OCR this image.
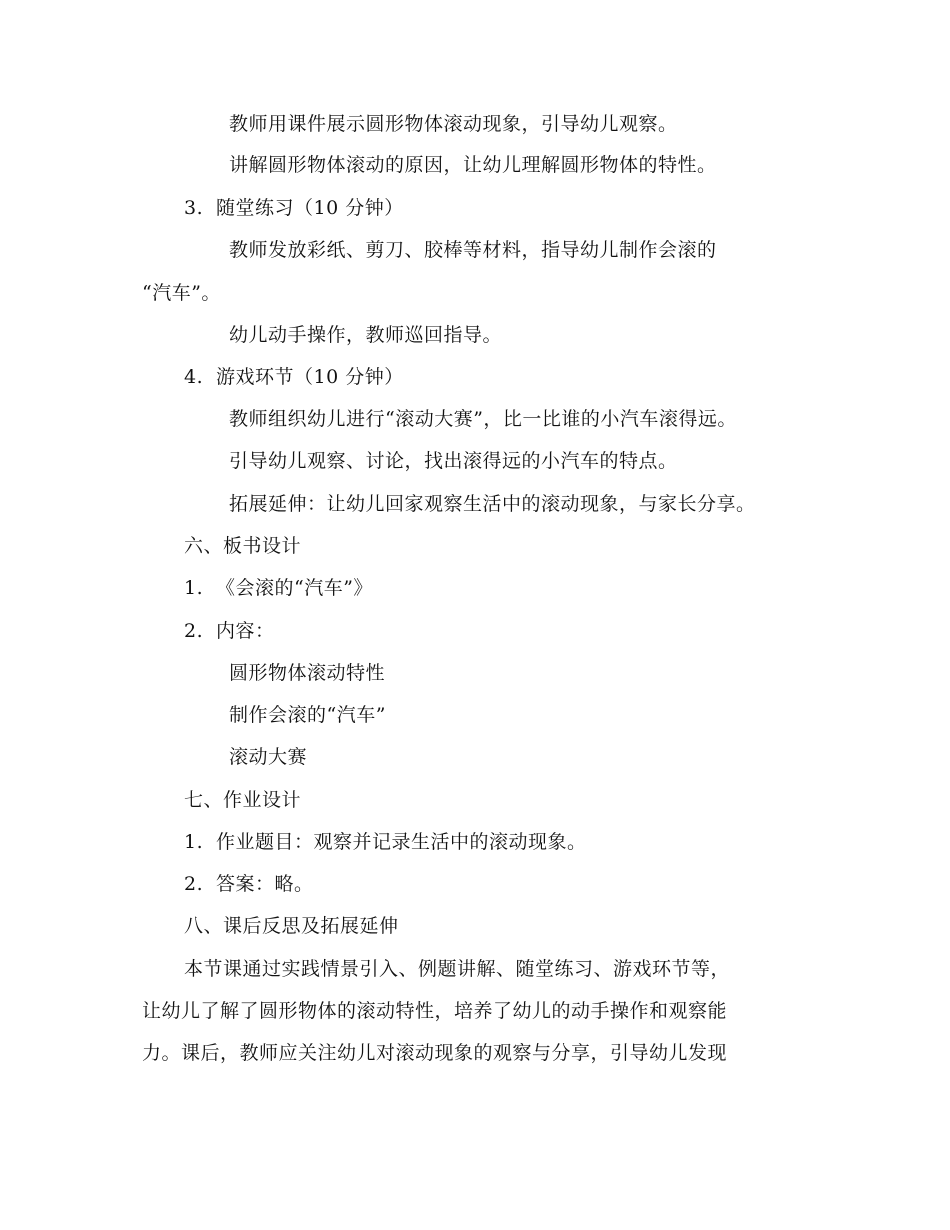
教师用课件展示圆形物体滚动现象，引导幼儿观察。
讲解圆形物体滚动的原因，让幼儿理解圆形物体的特性。
3. 随堂练习（10 分钟）
教师发放彩纸、剪刀、胶棒等材料，指导幼儿制作会滚的
“汽车”。
幼儿动手操作，教师巡回指导。
4. 游戏环节（10 分钟）
教师组织幼儿进行“滚动大赛”，比一比谁的小汽车滚得远。
引导幼儿观察、讨论，找出滚得远的小汽车的特点。
拓展延伸：让幼儿回家观察生活中的滚动现象，与家长分享。
六、板书设计
1. 《会滚的“汽车”》
2. 内容：
圆形物体滚动特性
制作会滚的“汽车”
滚动大赛
七、作业设计
1. 作业题目：观察并记录生活中的滚动现象。
2. 答案：略。
八、课后反思及拓展延伸
本节课通过实践情景引入、例题讲解、随堂练习、游戏环节等，
让幼儿了解了圆形物体的滚动特性，培养了幼儿的动手操作和观察能
力。课后，教师应关注幼儿对滚动现象的观察与分享，引导幼儿发现
